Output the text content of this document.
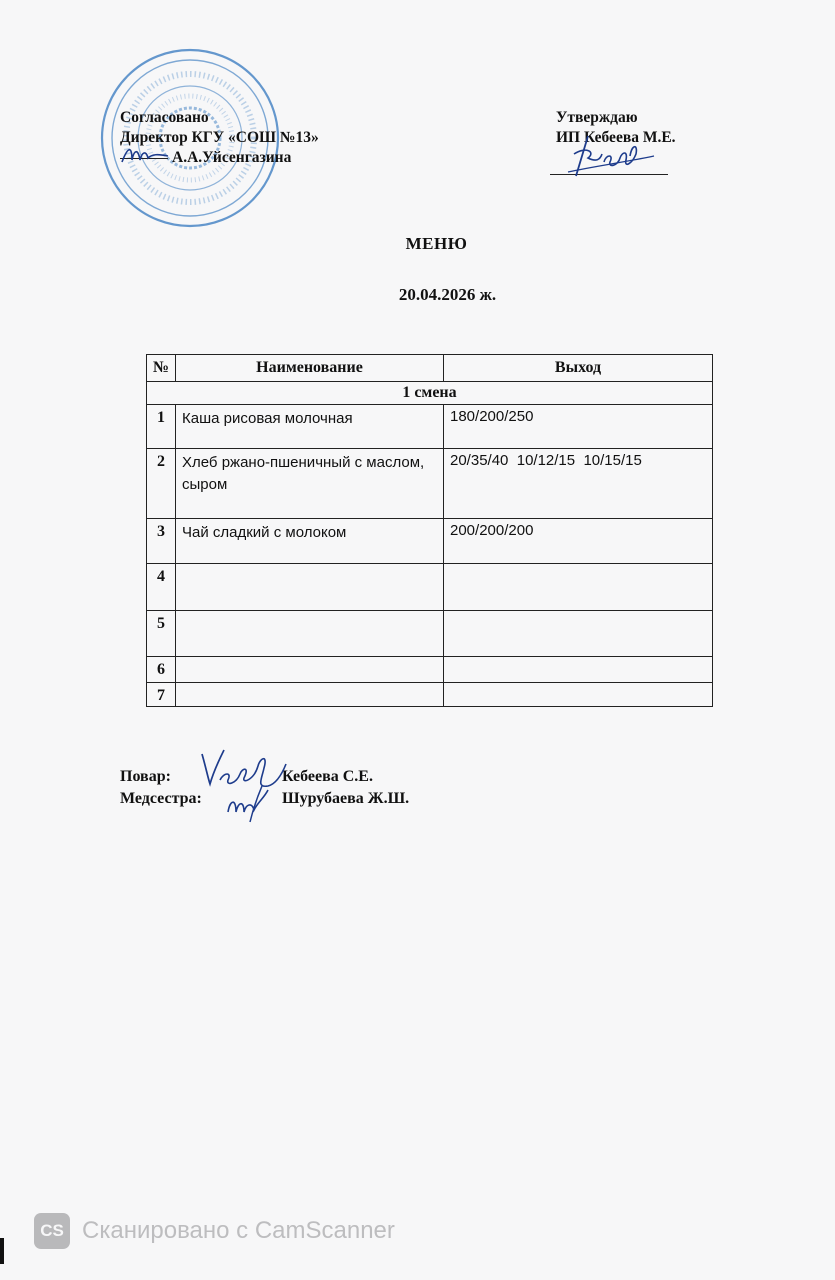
Согласовано
Директор КГУ «СОШ №13»
А.А.Уйсенгазина
Утверждаю
ИП Кебеева М.Е.
МЕНЮ
20.04.2026 ж.
№	Наименование	Выход
1 смена		
1	Каша рисовая молочная	180/200/250
2	Хлеб ржано-пшеничный с маслом, сыром	20/35/40  10/12/15  10/15/15
3	Чай сладкий с молоком	200/200/200
4		
5		
6		
7		
Повар:	Кебеева С.Е.
Медсестра:	Шурубаева Ж.Ш.
CS Сканировано с CamScanner
